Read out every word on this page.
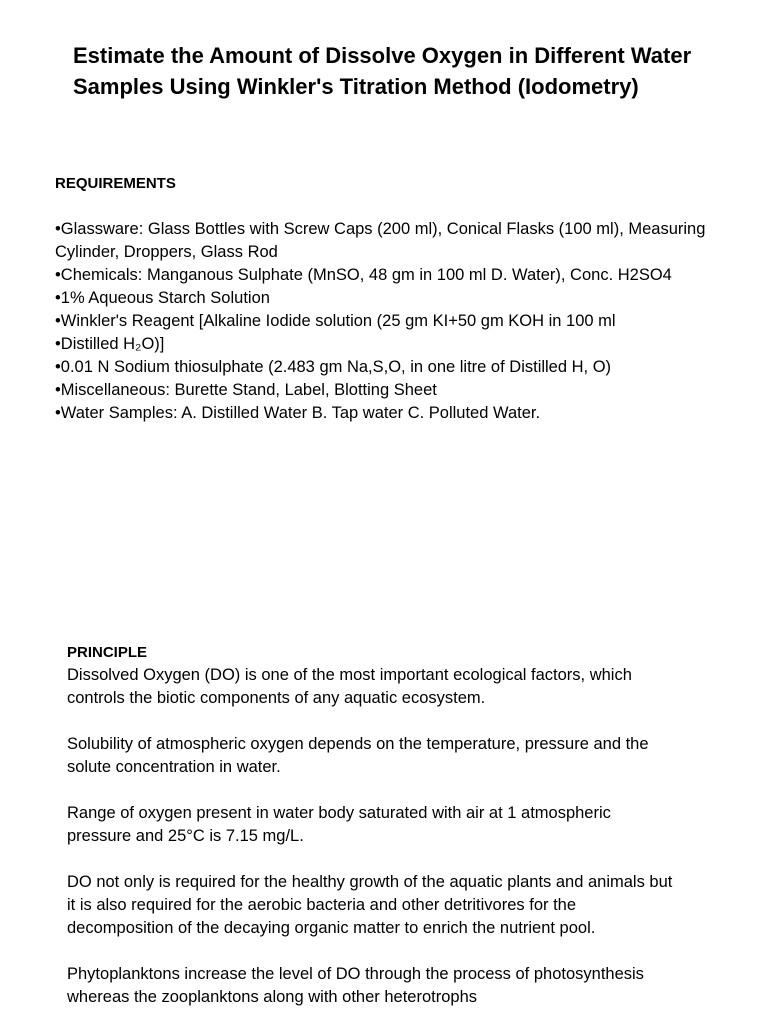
Estimate the Amount of Dissolve Oxygen in Different Water Samples Using Winkler's Titration Method (Iodometry)
REQUIREMENTS
•Glassware: Glass Bottles with Screw Caps (200 ml), Conical Flasks (100 ml), Measuring Cylinder, Droppers, Glass Rod
•Chemicals: Manganous Sulphate (MnSO, 48 gm in 100 ml D. Water), Conc. H2SO4
•1% Aqueous Starch Solution
•Winkler's Reagent [Alkaline Iodide solution (25 gm KI+50 gm KOH in 100 ml
•Distilled H₂O)]
•0.01 N Sodium thiosulphate (2.483 gm Na,S,O, in one litre of Distilled H, O)
•Miscellaneous: Burette Stand, Label, Blotting Sheet
•Water Samples: A. Distilled Water B. Tap water C. Polluted Water.
PRINCIPLE

Dissolved Oxygen (DO) is one of the most important ecological factors, which controls the biotic components of any aquatic ecosystem.

Solubility of atmospheric oxygen depends on the temperature, pressure and the solute concentration in water.

Range of oxygen present in water body saturated with air at 1 atmospheric pressure and 25°C is 7.15 mg/L.

DO not only is required for the healthy growth of the aquatic plants and animals but it is also required for the aerobic bacteria and other detritivores for the decomposition of the decaying organic matter to enrich the nutrient pool.

Phytoplanktons increase the level of DO through the process of photosynthesis whereas the zooplanktons along with other heterotrophs
